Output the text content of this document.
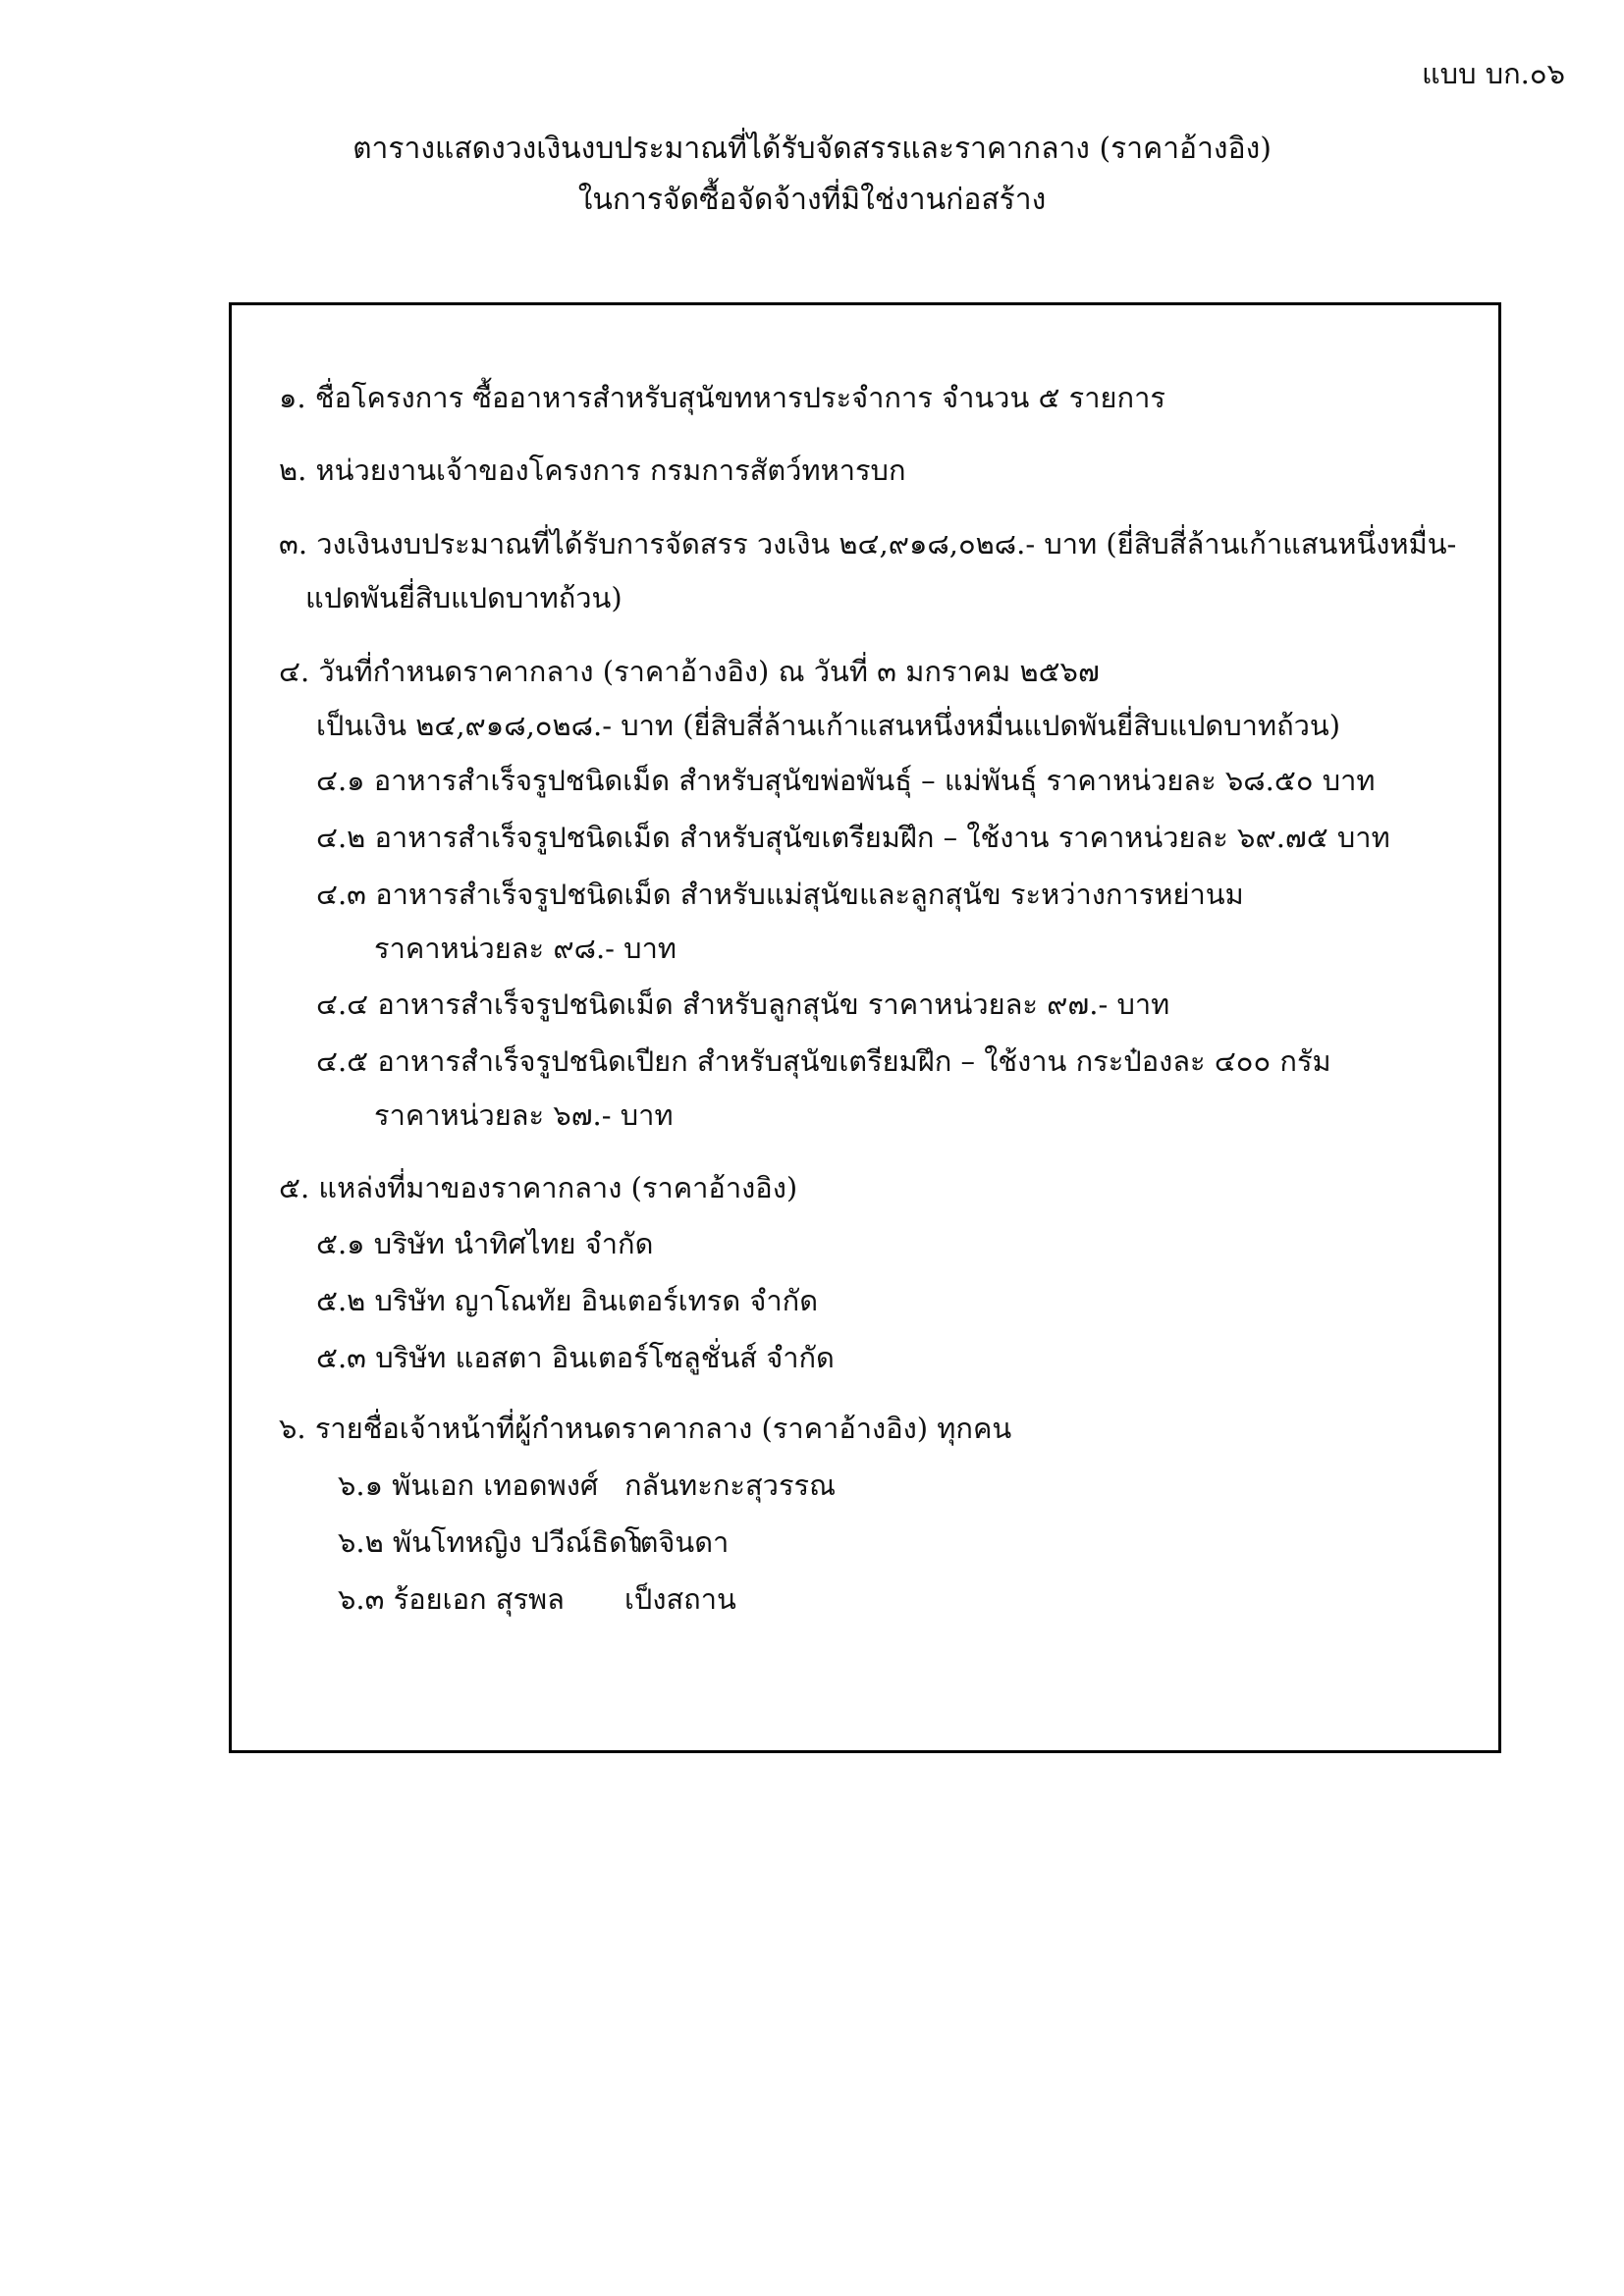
แบบ บก.๐๖
ตารางแสดงวงเงินงบประมาณที่ได้รับจัดสรรและราคากลาง (ราคาอ้างอิง)
ในการจัดซื้อจัดจ้างที่มิใช่งานก่อสร้าง
๑. ชื่อโครงการ ซื้ออาหารสำหรับสุนัขทหารประจำการ จำนวน ๕ รายการ
๒. หน่วยงานเจ้าของโครงการ กรมการสัตว์ทหารบก
๓. วงเงินงบประมาณที่ได้รับการจัดสรร วงเงิน ๒๔,๙๑๘,๐๒๘.- บาท (ยี่สิบสี่ล้านเก้าแสนหนึ่งหมื่น-
แปดพันยี่สิบแปดบาทถ้วน)
๔. วันที่กำหนดราคากลาง (ราคาอ้างอิง) ณ วันที่ ๓ มกราคม ๒๕๖๗
เป็นเงิน ๒๔,๙๑๘,๐๒๘.- บาท (ยี่สิบสี่ล้านเก้าแสนหนึ่งหมื่นแปดพันยี่สิบแปดบาทถ้วน)
๔.๑ อาหารสำเร็จรูปชนิดเม็ด สำหรับสุนัขพ่อพันธุ์ – แม่พันธุ์ ราคาหน่วยละ ๖๘.๕๐ บาท
๔.๒ อาหารสำเร็จรูปชนิดเม็ด สำหรับสุนัขเตรียมฝึก – ใช้งาน ราคาหน่วยละ ๖๙.๗๕ บาท
๔.๓ อาหารสำเร็จรูปชนิดเม็ด สำหรับแม่สุนัขและลูกสุนัข ระหว่างการหย่านม
ราคาหน่วยละ ๙๘.- บาท
๔.๔ อาหารสำเร็จรูปชนิดเม็ด สำหรับลูกสุนัข ราคาหน่วยละ ๙๗.- บาท
๔.๕ อาหารสำเร็จรูปชนิดเปียก สำหรับสุนัขเตรียมฝึก – ใช้งาน กระป๋องละ ๔๐๐ กรัม
ราคาหน่วยละ ๖๗.- บาท
๕. แหล่งที่มาของราคากลาง (ราคาอ้างอิง)
๕.๑ บริษัท นำทิศไทย จำกัด
๕.๒ บริษัท ญาโณทัย อินเตอร์เทรด จำกัด
๕.๓ บริษัท แอสตา อินเตอร์โซลูชั่นส์ จำกัด
๖. รายชื่อเจ้าหน้าที่ผู้กำหนดราคากลาง (ราคาอ้างอิง) ทุกคน
๖.๑ พันเอก เทอดพงศ์ กลันทะกะสุวรรณ
๖.๒ พันโทหญิง ปวีณ์ธิดาโตจินดา
๖.๓ ร้อยเอก สุรพล เป็งสถาน
